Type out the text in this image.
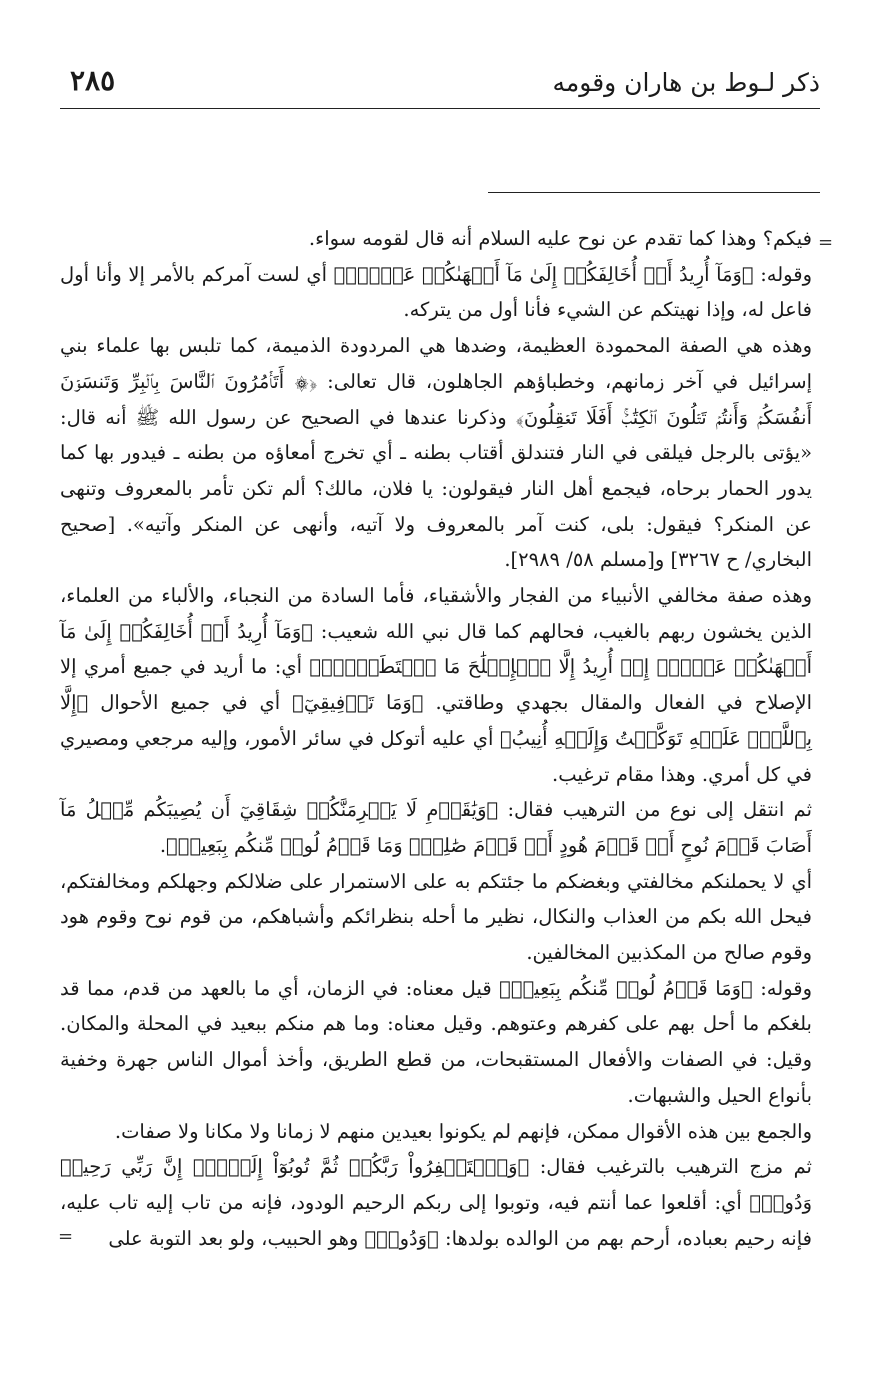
ذكر لـوط بن هاران وقومه
٢٨٥
=

فيكم؟ وهذا كما تقدم عن نوح عليه السلام أنه قال لقومه سواء.

وقوله: ﴿وَمَآ أُرِيدُ أَنۡ أُخَالِفَكُمۡ إِلَىٰ مَآ أَنۡهَىٰكُمۡ عَنۡهُۚ﴾ أي لست آمركم بالأمر إلا وأنا أول فاعل له، وإذا نهيتكم عن الشيء فأنا أول من يتركه.

وهذه هي الصفة المحمودة العظيمة، وضدها هي المردودة الذميمة، كما تلبس بها علماء بني إسرائيل في آخر زمانهم، وخطباؤهم الجاهلون، قال تعالى: ﴿۞ أَتَأۡمُرُونَ ٱلنَّاسَ بِٱلۡبِرِّ وَتَنسَوۡنَ أَنفُسَكُمۡ وَأَنتُمۡ تَتۡلُونَ ٱلۡكِتَٰبَۚ أَفَلَا تَعۡقِلُونَ﴾ وذكرنا عندها في الصحيح عن رسول الله ﷺ أنه قال: «يؤتى بالرجل فيلقى في النار فتندلق أقتاب بطنه ـ أي تخرج أمعاؤه من بطنه ـ فيدور بها كما يدور الحمار برحاه، فيجمع أهل النار فيقولون: يا فلان، مالك؟ ألم تكن تأمر بالمعروف وتنهى عن المنكر؟ فيقول: بلى، كنت آمر بالمعروف ولا آتيه، وأنهى عن المنكر وآتيه». [صحيح البخاري/ ح ٣٢٦٧] و[مسلم ٥٨/ ٢٩٨٩].

وهذه صفة مخالفي الأنبياء من الفجار والأشقياء، فأما السادة من النجباء، والألباء من العلماء، الذين يخشون ربهم بالغيب، فحالهم كما قال نبي الله شعيب: ﴿وَمَآ أُرِيدُ أَنۡ أُخَالِفَكُمۡ إِلَىٰ مَآ أَنۡهَىٰكُمۡ عَنۡهُۚ إِنۡ أُرِيدُ إِلَّا ٱلۡإِصۡلَٰحَ مَا ٱسۡتَطَعۡتُۚ﴾ أي: ما أريد في جميع أمري إلا الإصلاح في الفعال والمقال بجهدي وطاقتي. ﴿وَمَا تَوۡفِيقِيٓ﴾ أي في جميع الأحوال ﴿إِلَّا بِٱللَّهِۚ عَلَيۡهِ تَوَكَّلۡتُ وَإِلَيۡهِ أُنِيبُ﴾ أي عليه أتوكل في سائر الأمور، وإليه مرجعي ومصيري في كل أمري. وهذا مقام ترغيب.

ثم انتقل إلى نوع من الترهيب فقال: ﴿وَيَٰقَوۡمِ لَا يَجۡرِمَنَّكُمۡ شِقَاقِيٓ أَن يُصِيبَكُم مِّثۡلُ مَآ أَصَابَ قَوۡمَ نُوحٍ أَوۡ قَوۡمَ هُودٍ أَوۡ قَوۡمَ صَٰلِحٖۚ وَمَا قَوۡمُ لُوطٖ مِّنكُم بِبَعِيدٖ﴾.

أي لا يحملنكم مخالفتي وبغضكم ما جئتكم به على الاستمرار على ضلالكم وجهلكم ومخالفتكم، فيحل الله بكم من العذاب والنكال، نظير ما أحله بنظرائكم وأشباهكم، من قوم نوح وقوم هود وقوم صالح من المكذبين المخالفين.

وقوله: ﴿وَمَا قَوۡمُ لُوطٖ مِّنكُم بِبَعِيدٖ﴾ قيل معناه: في الزمان، أي ما بالعهد من قدم، مما قد بلغكم ما أحل بهم على كفرهم وعتوهم. وقيل معناه: وما هم منكم ببعيد في المحلة والمكان. وقيل: في الصفات والأفعال المستقبحات، من قطع الطريق، وأخذ أموال الناس جهرة وخفية بأنواع الحيل والشبهات.

والجمع بين هذه الأقوال ممكن، فإنهم لم يكونوا بعيدين منهم لا زمانا ولا مكانا ولا صفات.

ثم مزج الترهيب بالترغيب فقال: ﴿وَٱسۡتَغۡفِرُواْ رَبَّكُمۡ ثُمَّ تُوبُوٓاْ إِلَيۡهِۚ إِنَّ رَبِّي رَحِيمٞ وَدُودٞ﴾ أي: أقلعوا عما أنتم فيه، وتوبوا إلى ربكم الرحيم الودود، فإنه من تاب إليه تاب عليه، فإنه رحيم بعباده، أرحم بهم من الوالده بولدها: ﴿وَدُودٞ﴾ وهو الحبيب، ولو بعد التوبة على

=
